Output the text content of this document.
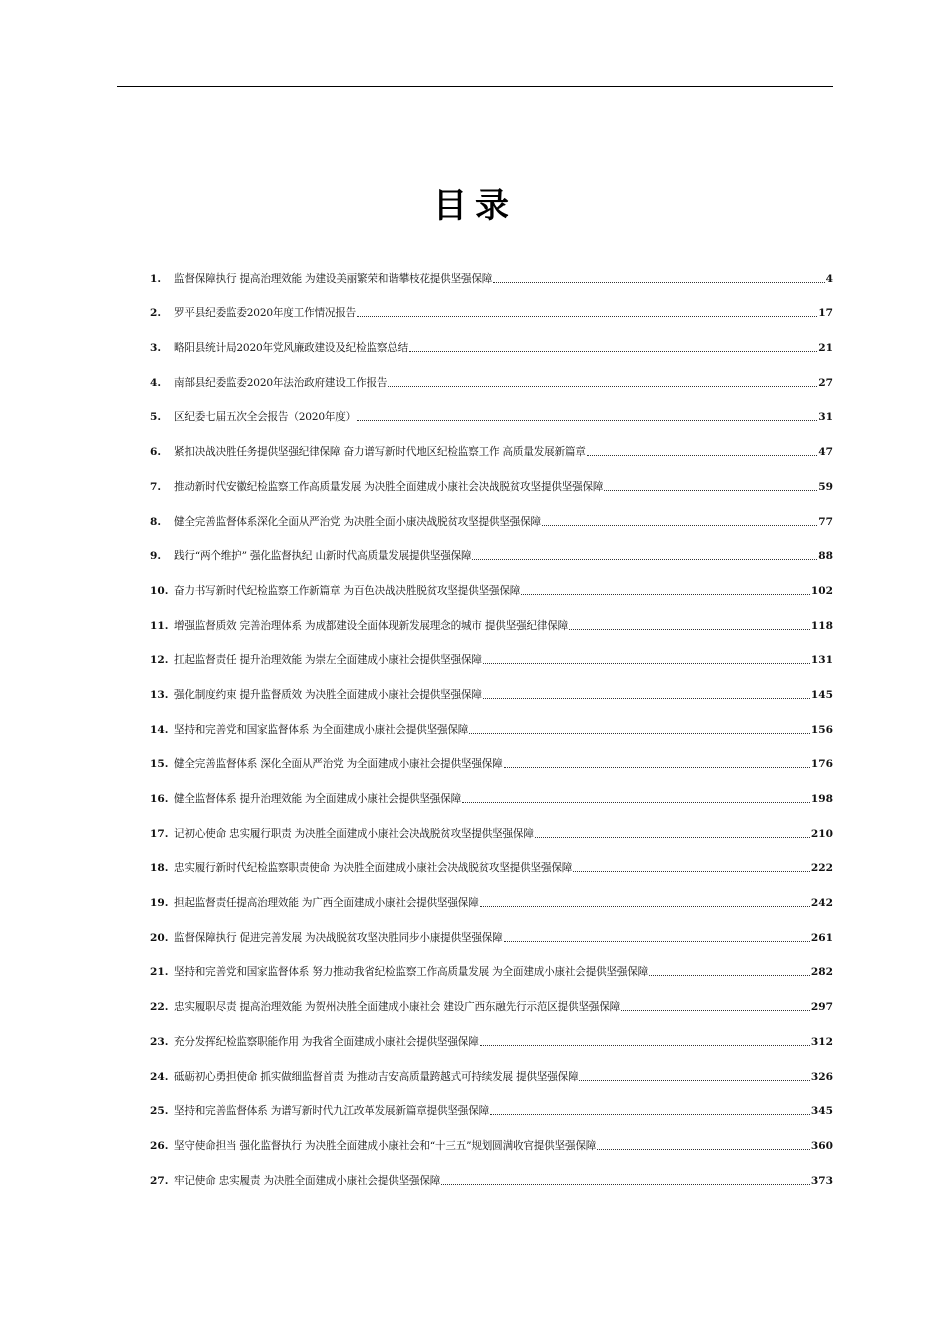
目录
1.	监督保障执行 提高治理效能 为建设美丽繁荣和谐攀枝花提供坚强保障	4
2.	罗平县纪委监委2020年度工作情况报告	17
3.	略阳县统计局2020年党风廉政建设及纪检监察总结	21
4.	南部县纪委监委2020年法治政府建设工作报告	27
5.	区纪委七届五次全会报告（2020年度）	31
6.	紧扣决战决胜任务提供坚强纪律保障 奋力谱写新时代地区纪检监察工作 高质量发展新篇章	47
7.	推动新时代安徽纪检监察工作高质量发展 为决胜全面建成小康社会决战脱贫攻坚提供坚强保障	59
8.	健全完善监督体系深化全面从严治党 为决胜全面小康决战脱贫攻坚提供坚强保障	77
9.	践行“两个维护” 强化监督执纪 山新时代高质量发展提供坚强保障	88
10. 奋力书写新时代纪检监察工作新篇章 为百色决战决胜脱贫攻坚提供坚强保障	102
11. 增强监督质效 完善治理体系 为成都建设全面体现新发展理念的城市 提供坚强纪律保障	118
12. 扛起监督责任 提升治理效能 为崇左全面建成小康社会提供坚强保障	131
13. 强化制度约束 提升监督质效 为决胜全面建成小康社会提供坚强保障	145
14. 坚持和完善党和国家监督体系 为全面建成小康社会提供坚强保障	156
15. 健全完善监督体系 深化全面从严治党 为全面建成小康社会提供坚强保障	176
16. 健全监督体系 提升治理效能 为全面建成小康社会提供坚强保障	198
17. 记初心使命 忠实履行职责 为决胜全面建成小康社会决战脱贫攻坚提供坚强保障	210
18. 忠实履行新时代纪检监察职责使命 为决胜全面建成小康社会决战脱贫攻坚提供坚强保障	222
19. 担起监督责任提高治理效能 为广西全面建成小康社会提供坚强保障	242
20. 监督保障执行 促进完善发展 为决战脱贫攻坚决胜同步小康提供坚强保障	261
21. 坚持和完善党和国家监督体系 努力推动我省纪检监察工作高质量发展 为全面建成小康社会提供坚强保障	282
22. 忠实履职尽责 提高治理效能 为贺州决胜全面建成小康社会 建设广西东融先行示范区提供坚强保障	297
23. 充分发挥纪检监察职能作用 为我省全面建成小康社会提供坚强保障	312
24. 砥砺初心勇担使命 抓实做细监督首责 为推动吉安高质量跨越式可持续发展 提供坚强保障	326
25. 坚持和完善监督体系 为谱写新时代九江改革发展新篇章提供坚强保障	345
26. 坚守使命担当 强化监督执行 为决胜全面建成小康社会和“十三五”规划圆满收官提供坚强保障	360
27. 牢记使命 忠实履责 为决胜全面建成小康社会提供坚强保障	373
